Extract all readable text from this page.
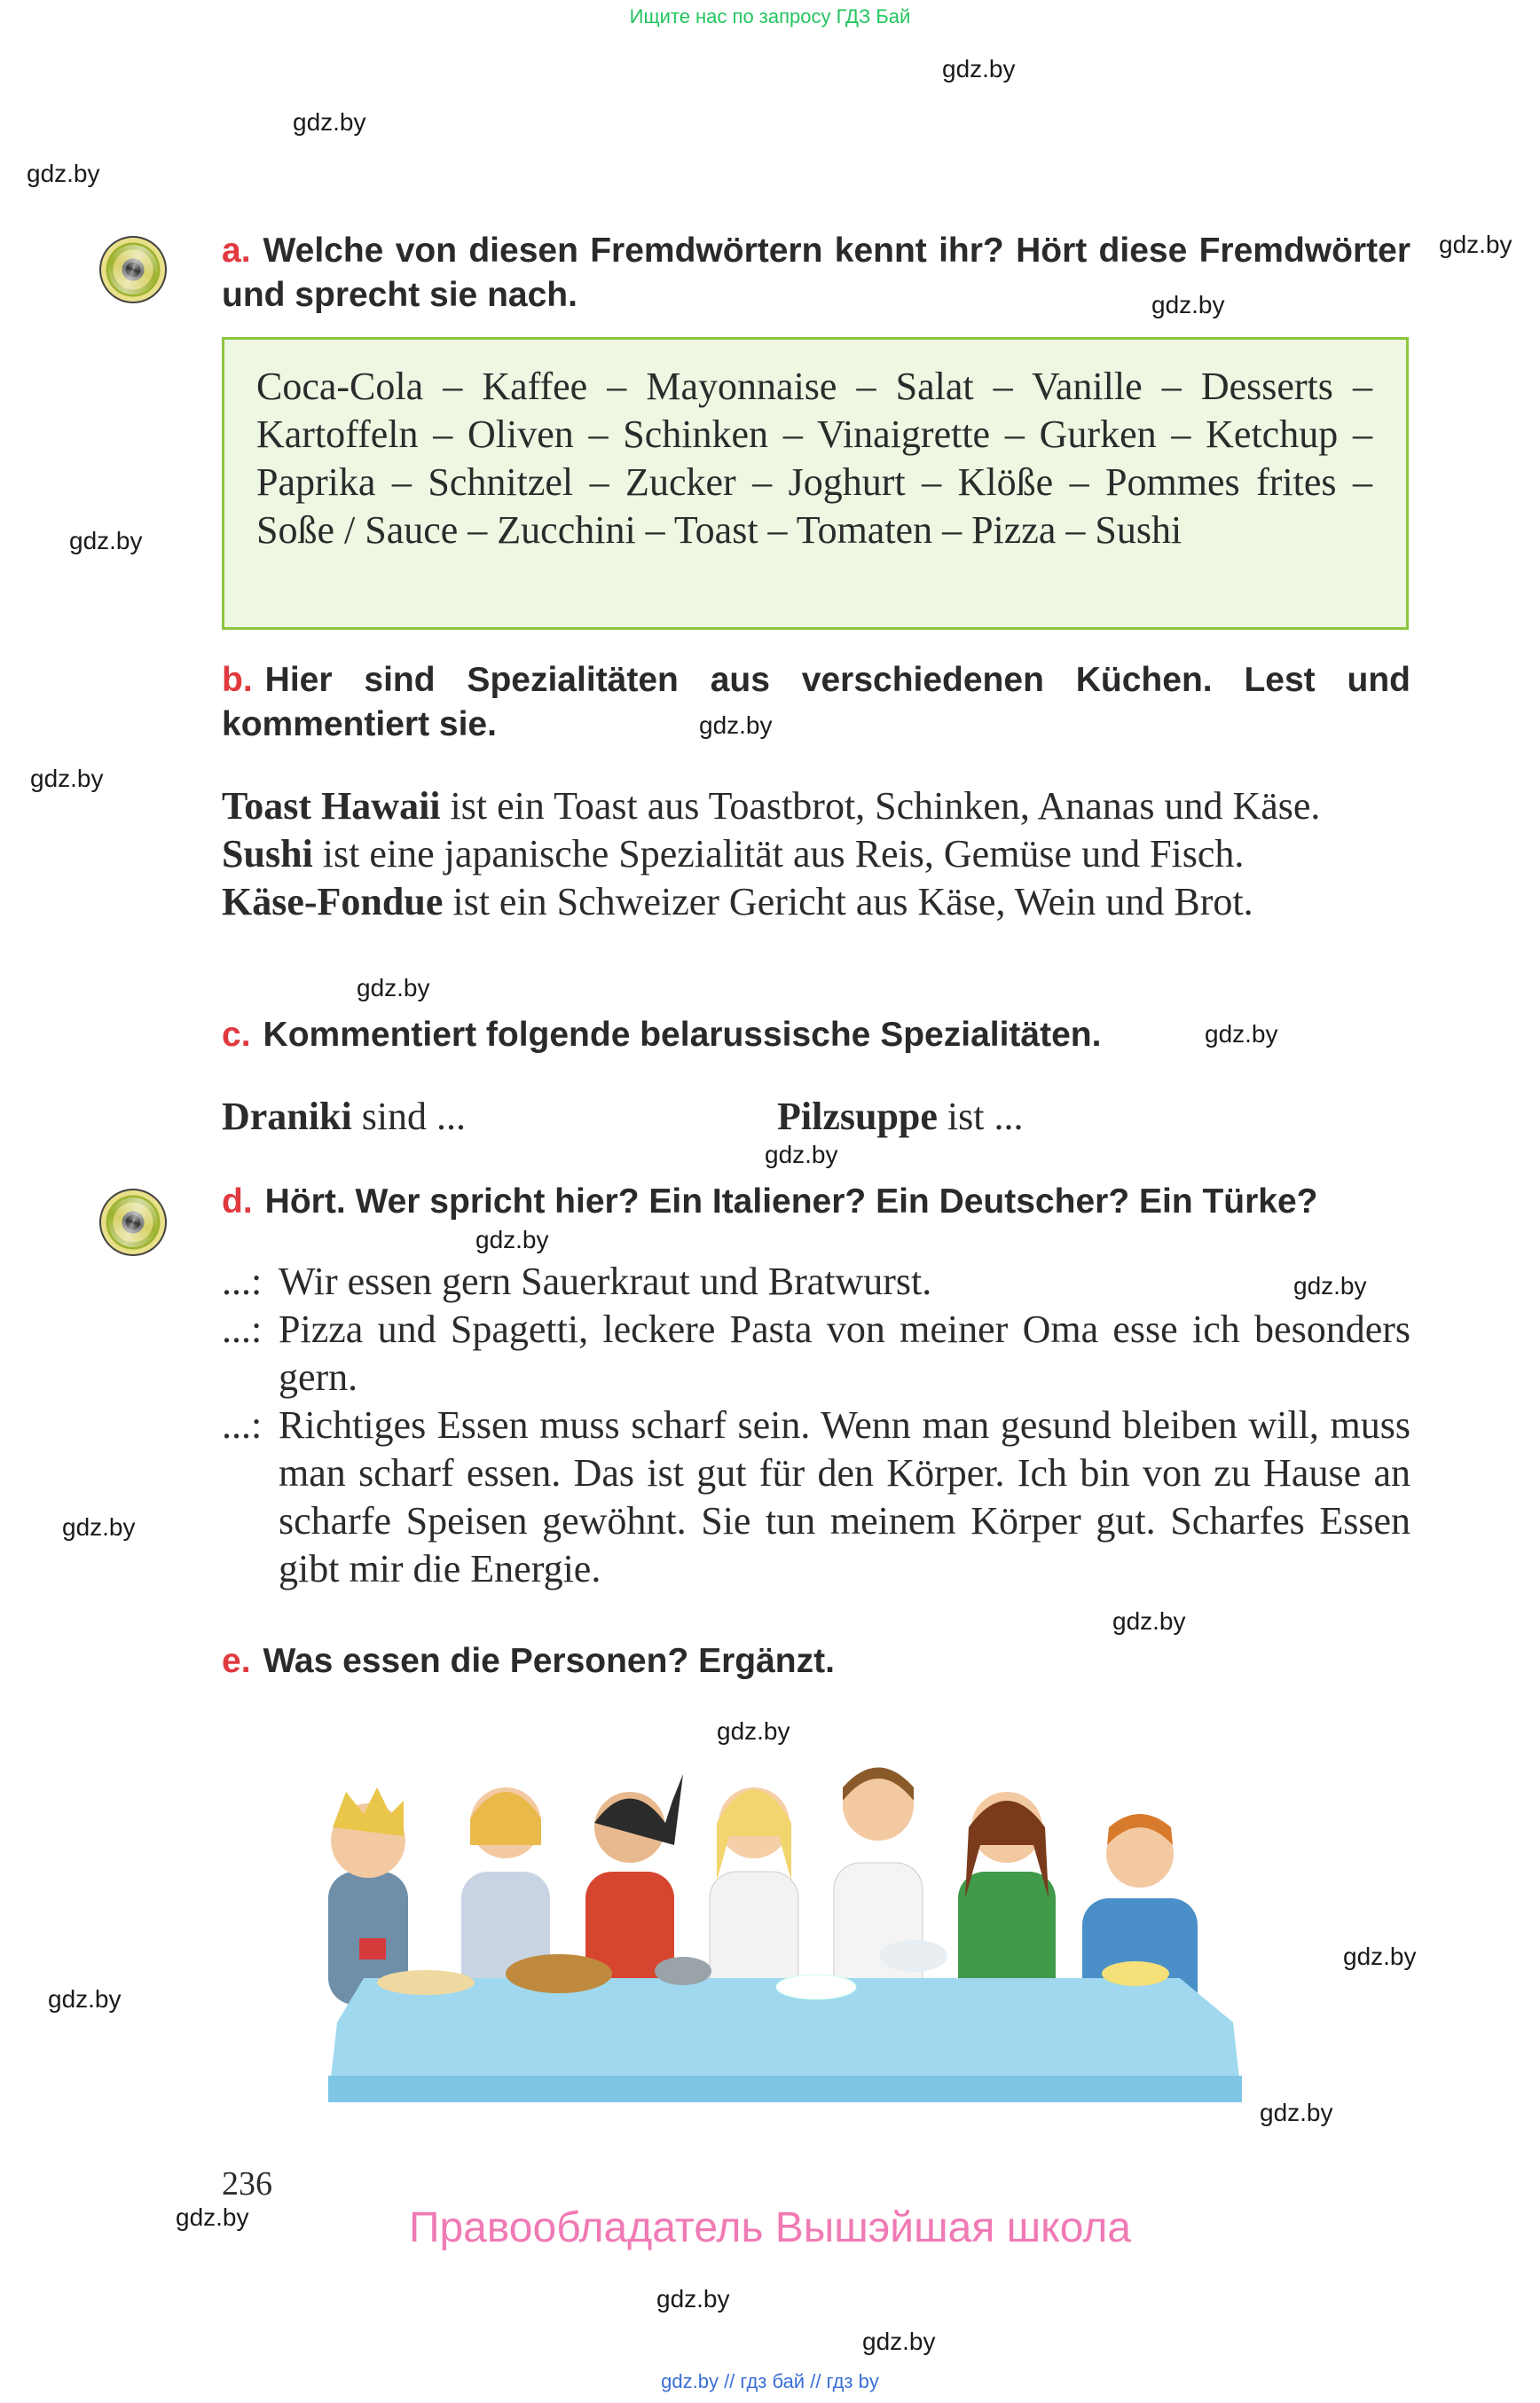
Ищите нас по запросу ГДЗ Бай
gdz.by
gdz.by
gdz.by
gdz.by
gdz.by
gdz.by
gdz.by
gdz.by
gdz.by
gdz.by
gdz.by
gdz.by
gdz.by
gdz.by
gdz.by
gdz.by
gdz.by
gdz.by
gdz.by
gdz.by
gdz.by
gdz.by
a. Welche von diesen Fremdwörtern kennt ihr? Hört diese Fremdwörter und sprecht sie nach.
Coca-Cola – Kaffee – Mayonnaise – Salat – Vanille – Desserts – Kartoffeln – Oliven – Schinken – Vinaigrette – Gurken – Ketchup – Paprika – Schnitzel – Zucker – Joghurt – Klöße – Pommes frites – Soße / Sauce – Zucchini – Toast – Tomaten – Pizza – Sushi
b. Hier sind Spezialitäten aus verschiedenen Küchen. Lest und kommentiert sie.
Toast Hawaii ist ein Toast aus Toastbrot, Schinken, Ananas und Käse.
Sushi ist eine japanische Spezialität aus Reis, Gemüse und Fisch.
Käse-Fondue ist ein Schweizer Gericht aus Käse, Wein und Brot.
c. Kommentiert folgende belarussische Spezialitäten.
Draniki sind ...	Pilzsuppe ist ...
d. Hört. Wer spricht hier? Ein Italiener? Ein Deutscher? Ein Türke?
...: Wir essen gern Sauerkraut und Bratwurst.
...: Pizza und Spagetti, leckere Pasta von meiner Oma esse ich besonders gern.
...: Richtiges Essen muss scharf sein. Wenn man gesund bleiben will, muss man scharf essen. Das ist gut für den Körper. Ich bin von zu Hause an scharfe Speisen gewöhnt. Sie tun meinem Körper gut. Scharfes Essen gibt mir die Energie.
e. Was essen die Personen? Ergänzt.
236
Правообладатель Вышэйшая школа
gdz.by // гдз бай // гдз by
